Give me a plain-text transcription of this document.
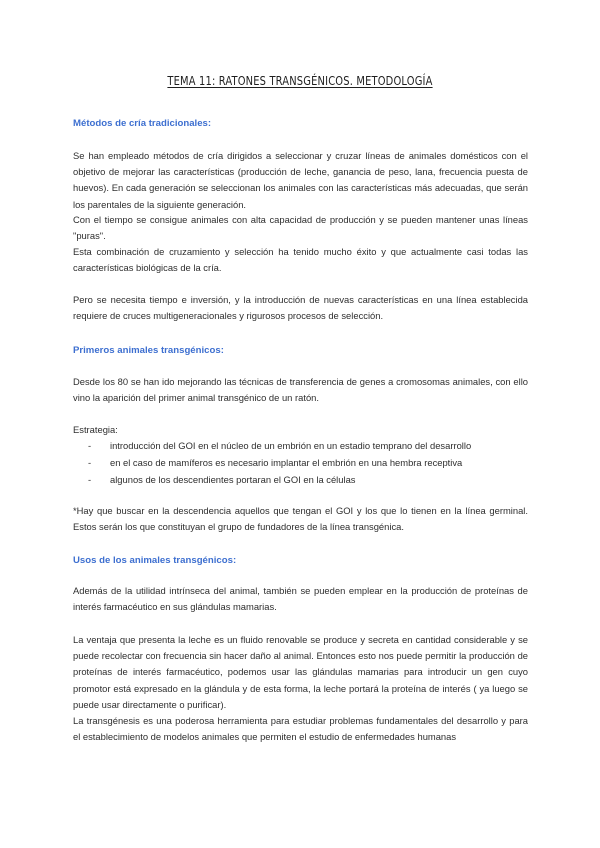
TEMA 11: RATONES TRANSGÉNICOS. METODOLOGÍA
Métodos de cría tradicionales:
Se han empleado métodos de cría dirigidos a seleccionar y cruzar líneas de animales domésticos con el objetivo de mejorar las características (producción de leche, ganancia de peso, lana, frecuencia puesta de huevos). En cada generación se seleccionan los animales con las características más adecuadas, que serán los parentales de la siguiente generación.
Con el tiempo se consigue animales con alta capacidad de producción y se pueden mantener unas líneas "puras".
Esta combinación de cruzamiento y selección ha tenido mucho éxito y que actualmente casi todas las características biológicas de la cría.
Pero se necesita tiempo e inversión, y la introducción de nuevas características en una línea establecida requiere de cruces multigeneracionales y rigurosos procesos de selección.
Primeros animales transgénicos:
Desde los 80 se han ido mejorando las técnicas de transferencia de genes a cromosomas animales, con ello vino la aparición del primer animal transgénico de un ratón.
Estrategia:
- introducción del GOI en el núcleo de un embrión en un estadio temprano del desarrollo
- en el caso de mamíferos es necesario implantar el embrión en una hembra receptiva
- algunos de los descendientes portaran el GOI en la células
*Hay que buscar en la descendencia aquellos que tengan el GOI y los que lo tienen en la línea germinal. Estos serán los que constituyan el grupo de fundadores de la línea transgénica.
Usos de los animales transgénicos:
Además de la utilidad intrínseca del animal, también se pueden emplear en la producción de proteínas de interés farmacéutico en sus glándulas mamarias.
La ventaja que presenta la leche es un fluido renovable se produce y secreta en cantidad considerable y se puede recolectar con frecuencia sin hacer daño al animal. Entonces esto nos puede permitir la producción de proteínas de interés farmacéutico, podemos usar las glándulas mamarias para introducir un gen cuyo promotor está expresado en la glándula y de esta forma, la leche portará la proteína de interés ( ya luego se puede usar directamente o purificar).
La transgénesis es una poderosa herramienta para estudiar problemas fundamentales del desarrollo y para el establecimiento de modelos animales que permiten el estudio de enfermedades humanas
